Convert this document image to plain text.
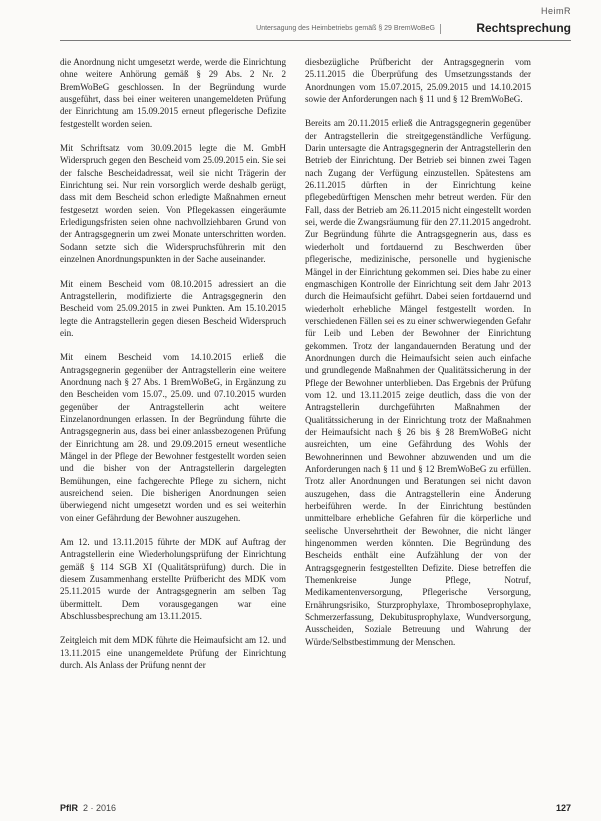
HeimR
Untersagung des Heimbetriebs gemäß § 29 BremWoBeG	Rechtsprechung

die Anordnung nicht umgesetzt werde, werde die Einrichtung ohne weitere Anhörung gemäß § 29 Abs. 2 Nr. 2 BremWoBeG geschlossen. In der Begründung wurde ausgeführt, dass bei einer weiteren unangemeldeten Prüfung der Einrichtung am 15.09.2015 erneut pflegerische Defizite festgestellt worden seien.

Mit Schriftsatz vom 30.09.2015 legte die M. GmbH Widerspruch gegen den Bescheid vom 25.09.2015 ein. Sie sei der falsche Bescheidadressat, weil sie nicht Trägerin der Einrichtung sei. Nur rein vorsorglich werde deshalb gerügt, dass mit dem Bescheid schon erledigte Maßnahmen erneut festgesetzt worden seien. Von Pflegekassen eingeräumte Erledigungsfristen seien ohne nachvollziehbaren Grund von der Antragsgegnerin um zwei Monate unterschritten worden. Sodann setzte sich die Widerspruchsführerin mit den einzelnen Anordnungspunkten in der Sache auseinander.

Mit einem Bescheid vom 08.10.2015 adressiert an die Antragstellerin, modifizierte die Antragsgegnerin den Bescheid vom 25.09.2015 in zwei Punkten. Am 15.10.2015 legte die Antragstellerin gegen diesen Bescheid Widerspruch ein.

Mit einem Bescheid vom 14.10.2015 erließ die Antragsgegnerin gegenüber der Antragstellerin eine weitere Anordnung nach § 27 Abs. 1 BremWoBeG, in Ergänzung zu den Bescheiden vom 15.07., 25.09. und 07.10.2015 wurden gegenüber der Antragstellerin acht weitere Einzelanordnungen erlassen. In der Begründung führte die Antragsgegnerin aus, dass bei einer anlassbezogenen Prüfung der Einrichtung am 28. und 29.09.2015 erneut wesentliche Mängel in der Pflege der Bewohner festgestellt worden seien und die bisher von der Antragstellerin dargelegten Bemühungen, eine fachgerechte Pflege zu sichern, nicht ausreichend seien. Die bisherigen Anordnungen seien überwiegend nicht umgesetzt worden und es sei weiterhin von einer Gefährdung der Bewohner auszugehen.

Am 12. und 13.11.2015 führte der MDK auf Auftrag der Antragstellerin eine Wiederholungsprüfung der Einrichtung gemäß § 114 SGB XI (Qualitätsprüfung) durch. Die in diesem Zusammenhang erstellte Prüfbericht des MDK vom 25.11.2015 wurde der Antragsgegnerin am selben Tag übermittelt. Dem vorausgegangen war eine Abschlussbesprechung am 13.11.2015.

Zeitgleich mit dem MDK führte die Heimaufsicht am 12. und 13.11.2015 eine unangemeldete Prüfung der Einrichtung durch. Als Anlass der Prüfung nennt der

diesbezügliche Prüfbericht der Antragsgegnerin vom 25.11.2015 die Überprüfung des Umsetzungsstands der Anordnungen vom 15.07.2015, 25.09.2015 und 14.10.2015 sowie der Anforderungen nach § 11 und § 12 BremWoBeG.

Bereits am 20.11.2015 erließ die Antragsgegnerin gegenüber der Antragstellerin die streitgegenständliche Verfügung. Darin untersagte die Antragsgegnerin der Antragstellerin den Betrieb der Einrichtung. Der Betrieb sei binnen zwei Tagen nach Zugang der Verfügung einzustellen. Spätestens am 26.11.2015 dürften in der Einrichtung keine pflegebedürftigen Menschen mehr betreut werden. Für den Fall, dass der Betrieb am 26.11.2015 nicht eingestellt worden sei, werde die Zwangsräumung für den 27.11.2015 angedroht. Zur Begründung führte die Antragsgegnerin aus, dass es wiederholt und fortdauernd zu Beschwerden über pflegerische, medizinische, personelle und hygienische Mängel in der Einrichtung gekommen sei. Dies habe zu einer engmaschigen Kontrolle der Einrichtung seit dem Jahr 2013 durch die Heimaufsicht geführt. Dabei seien fortdauernd und wiederholt erhebliche Mängel festgestellt worden. In verschiedenen Fällen sei es zu einer schwerwiegenden Gefahr für Leib und Leben der Bewohner der Einrichtung gekommen. Trotz der langandauernden Beratung und der Anordnungen durch die Heimaufsicht seien auch einfache und grundlegende Maßnahmen der Qualitätssicherung in der Pflege der Bewohner unterblieben. Das Ergebnis der Prüfung vom 12. und 13.11.2015 zeige deutlich, dass die von der Antragstellerin durchgeführten Maßnahmen der Qualitätssicherung in der Einrichtung trotz der Maßnahmen der Heimaufsicht nach § 26 bis § 28 BremWoBeG nicht ausreichten, um eine Gefährdung des Wohls der Bewohnerinnen und Bewohner abzuwenden und um die Anforderungen nach § 11 und § 12 BremWoBeG zu erfüllen. Trotz aller Anordnungen und Beratungen sei nicht davon auszugehen, dass die Antragstellerin eine Änderung herbeiführen werde. In der Einrichtung bestünden unmittelbare erhebliche Gefahren für die körperliche und seelische Unversehrtheit der Bewohner, die nicht länger hingenommen werden könnten. Die Begründung des Bescheids enthält eine Aufzählung der von der Antragsgegnerin festgestellten Defizite. Diese betreffen die Themenkreise Junge Pflege, Notruf, Medikamentenversorgung, Pflegerische Versorgung, Ernährungsrisiko, Sturzprophylaxe, Thromboseprophylaxe, Schmerzerfassung, Dekubitusprophylaxe, Wundversorgung, Ausscheiden, Soziale Betreuung und Wahrung der Würde/Selbstbestimmung der Menschen.

PflR 2 · 2016	127
